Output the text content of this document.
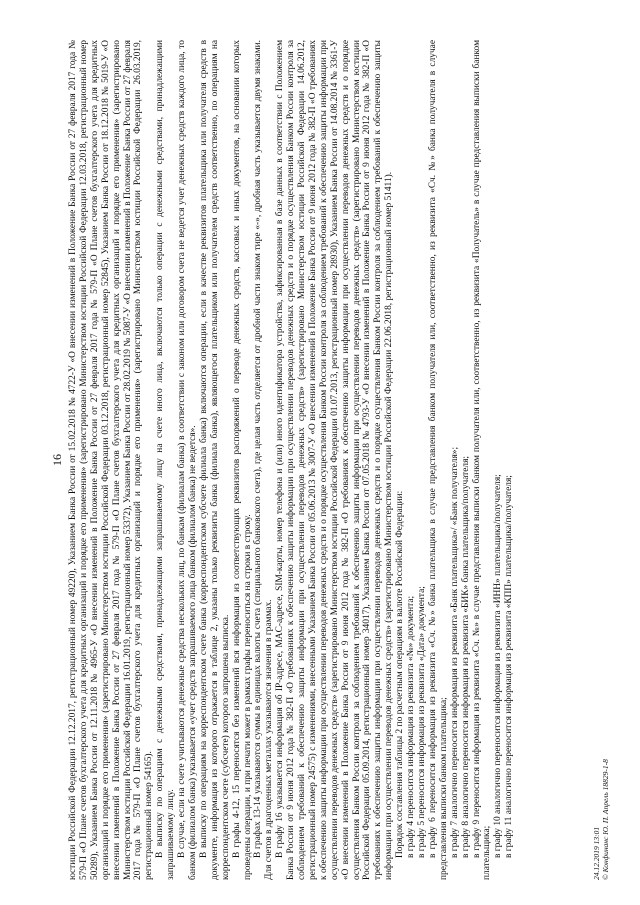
16 юстиции Российской Федерации 12.12.2017, регистрационный номер 49220), Указанием Банка России от 15.02.2018 № 4722-У «О внесении изменений в Положение Банка России от 27 февраля 2017 года № 579-П «О Плане счетов бухгалтерского учета для кредитных организаций и порядке его применения» (зарегистрировано Министерством юстиции Российской Федерации 12.03.2018, регистрационный номер 50289), Указанием Банка России от 12.11.2018 № 4965-У «О внесении изменений в Положение Банка России от 27 февраля 2017 года № 579-П «О Плане счетов бухгалтерского учета для кредитных организаций и порядке его применения» (зарегистрировано Министерством юстиции Российской Федерации 03.12.2018, регистрационный номер 52845), Указанием Банка России от 18.12.2018 № 5019-У «О внесении изменений в Положение Банка России от 27 февраля 2017 года № 579-П «О Плане счетов бухгалтерского учета для кредитных организаций и порядке его применения» (зарегистрировано Министерством юстиции Российской Федерации 16.01.2019, регистрационный номер 53372), Указанием Банка России от 28.02.2019 № 5087-У «О внесении изменений в Положение Банка России от 27 февраля 2017 года № 579-П «О Плане счетов бухгалтерского учета для кредитных организаций и порядке его применения» (зарегистрировано Министерством юстиции Российской Федерации 26.03.2019, регистрационный номер 54165). В выписку по операциям с денежными средствами, принадлежащими запрашиваемому лицу на счете иного лица, включаются только операции с денежными средствами, принадлежащими запрашиваемому лицу. В случае, если на счете учитываются денежные средства нескольких лиц, по банкам (филиалам банка) в соответствии с законом или договором счета не ведется учет денежных средств каждого лица, то банком (филиалом банка) указывается «учет средств запрашиваемого лица банком (филиалом банка) не ведется». В выписку по операциям на корреспондентском счете банка (корреспондентском субсчете филиала банка) включаются операции, если в качестве реквизитов плательщика или получателя средств в документе, информация из которого отражается в таблице 2, указаны только реквизиты банка (филиала банка), являющегося плательщиком или получателем средств соответственно, по операциям на корреспондентском счете (субсчете) которого запрошена выписка. В графы 4-12, 15 переносятся без изменений вся информация из соответствующих реквизитов распоряжений о переводе денежных средств, кассовых и иных документов, на основании которых проведены операции, и при печати может в рамках графы переноситься на строки в строку. В графах 13-14 указываются суммы в единицах валюты счета (специального банковского счета), где целая часть отделяется от дробной части знаком тире «-», дробная часть указывается двумя знаками. Для счетов в драгоценных металлах указываются значения в граммах. В графу 16 указывается информация об IP-адресе, MAC-адресе, SIM-карты, номер телефона и (или) иного идентификатора устройства, зафиксированная в базе данных в соответствии с Положением Банка России от 9 июня 2012 года № 382-П «О требованиях к обеспечению защиты информации при осуществлении переводов денежных средств и о порядке осуществления Банком России контроля за соблюдением требований к обеспечению защиты информации при осуществлении переводов денежных средств» (зарегистрировано Министерством юстиции Российской Федерации 14.06.2012, регистрационный номер 24575) с изменениями, внесенными Указанием Банка России от 05.06.2013 № 3007-У «О внесении изменений в Положение Банка России от 9 июня 2012 года № 382-П «О требованиях к обеспечению защиты информации при осуществлении переводов денежных средств и о порядке осуществления Банком России контроля за соблюдением требований к обеспечению защиты информации при осуществлении переводов денежных средств» (зарегистрировано Министерством юстиции Российской Федерации 01.07.2013, регистрационный номер 28930), Указанием Банка России от 14.08.2014 № 3361-У «О внесении изменений в Положение Банка России от 9 июня 2012 года № 382-П «О требованиях к обеспечению защиты информации при осуществлении переводов денежных средств и о порядке осуществления Банком России контроля за соблюдением требований к обеспечению защиты информации при осуществлении переводов денежных средств» (зарегистрировано Министерством юстиции Российской Федерации 05.09.2014, регистрационный номер 34017), Указанием Банка России от 07.05.2018 № 4793-У «О внесении изменений в Положение Банка России от 9 июня 2012 года № 382-П «О требованиях к обеспечению защиты информации при осуществлении переводов денежных средств и о порядке осуществления Банком России контроля за соблюдением требований к обеспечению защиты информации при осуществлении переводов денежных средств» (зарегистрировано Министерством юстиции Российской Федерации 22.06.2018, регистрационный номер 51411). Порядок составления таблицы 2 по расчетным операциям в валюте Российской Федерации: в графу 4 переносится информация из реквизита «№» документа; в графу 5 переносится информация из реквизита «Дата» документа; в графу 6 переносится информация из реквизита «Сч. №» банка плательщика в случае представления банком получателя или, соответственно, из реквизита «Сч. №» банка получателя в случае представления выписки банком плательщика; в графу 7 аналогично переносится информация из реквизита «Банк плательщика»/ «Банк получателя»; в графу 8 аналогично переносится информация из реквизита «БИК» банка плательщика/получателя; в графу 9 переносится информация из реквизита «Сч. №» в случае представления выписки банком получателя или, соответственно, из реквизита «Получатель» в случае представления выписки банком плательщика; в графу 10 аналогично переносится информация из реквизита «ИНН» плательщика/получателя; в графу 11 аналогично переносится информация из реквизита «КПП» плательщика/получателя;	24.12.2019 13:01 © Конфинанс Ю. П. Апрель 18829-1-8
